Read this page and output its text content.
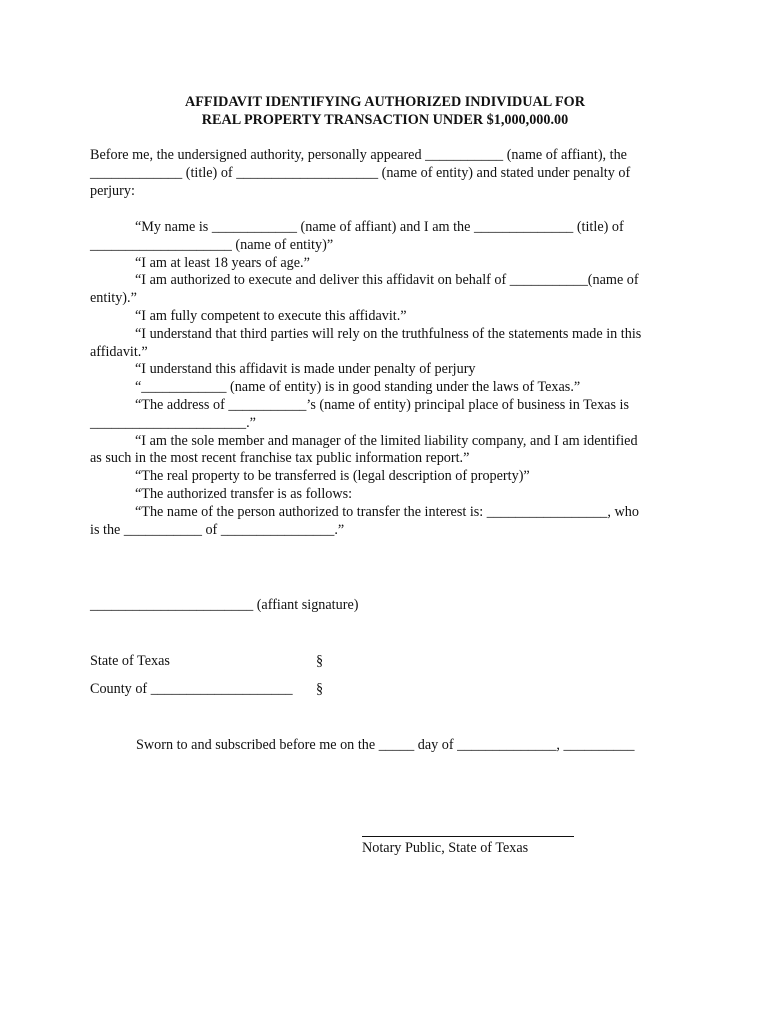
AFFIDAVIT IDENTIFYING AUTHORIZED INDIVIDUAL FOR
REAL PROPERTY TRANSACTION UNDER $1,000,000.00
Before me, the undersigned authority, personally appeared ___________ (name of affiant), the
_____________ (title) of ____________________ (name of entity) and stated under penalty of
perjury:
“My name is ____________ (name of affiant) and I am the ______________ (title) of
____________________ (name of entity)”
“I am at least 18 years of age.”
“I am authorized to execute and deliver this affidavit on behalf of ___________(name of
entity).”
“I am fully competent to execute this affidavit.”
“I understand that third parties will rely on the truthfulness of the statements made in this
affidavit.”
“I understand this affidavit is made under penalty of perjury
“____________ (name of entity) is in good standing under the laws of Texas.”
“The address of ___________’s (name of entity) principal place of business in Texas is
______________________.”
“I am the sole member and manager of the limited liability company, and I am identified
as such in the most recent franchise tax public information report.”
“The real property to be transferred is (legal description of property)”
“The authorized transfer is as follows:
“The name of the person authorized to transfer the interest is: _________________, who
is the ___________ of ________________.”
_______________________ (affiant signature)
State of Texas	§
County of ____________________ §
Sworn to and subscribed before me on the _____ day of ______________, __________
Notary Public, State of Texas
